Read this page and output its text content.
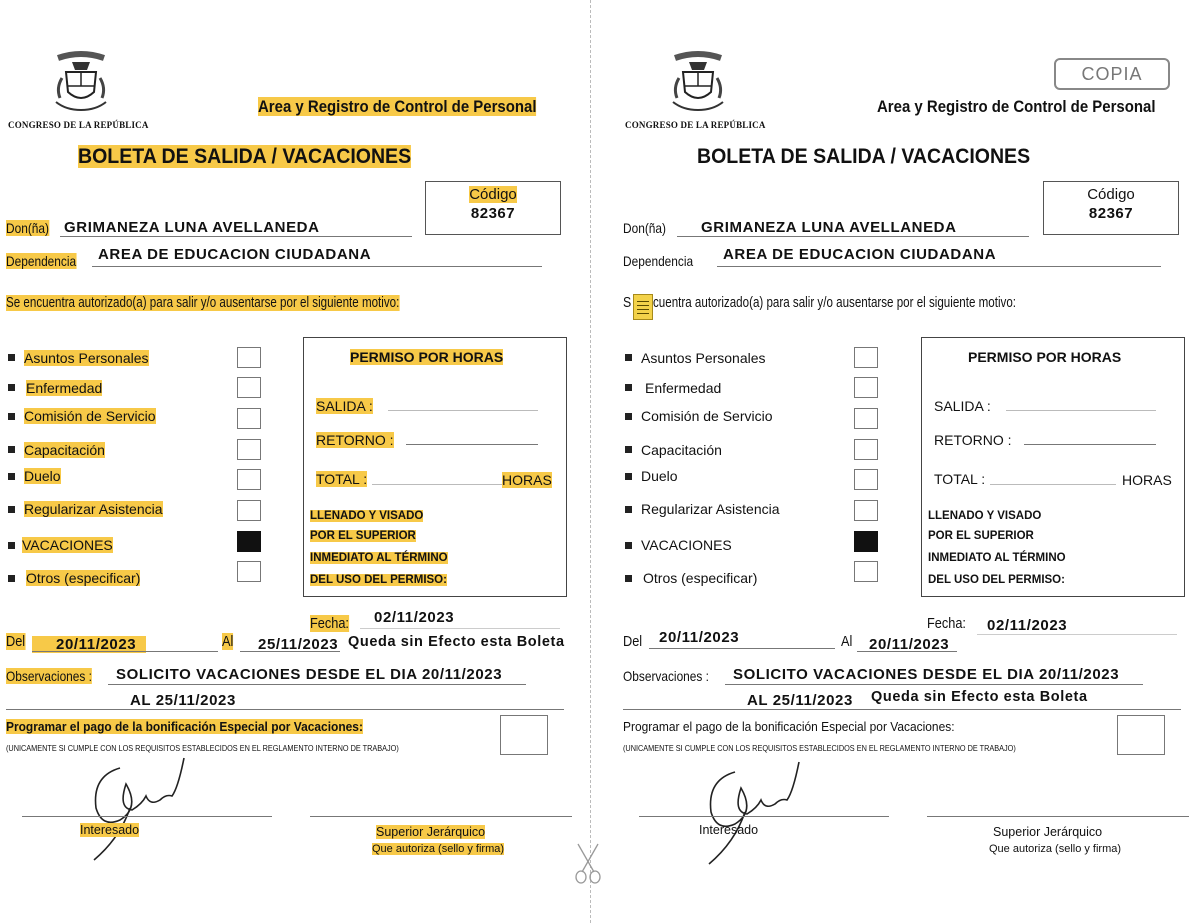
CONGRESO DE LA REPÚBLICA
Area y Registro de Control de Personal
BOLETA DE SALIDA / VACACIONES
Código
82367
Don(ña) GRIMANEZA LUNA AVELLANEDA
Dependencia AREA DE EDUCACION CIUDADANA
Se encuentra autorizado(a) para salir y/o ausentarse por el siguiente motivo:
Asuntos Personales
Enfermedad
Comisión de Servicio
Capacitación
Duelo
Regularizar Asistencia
VACACIONES
Otros (especificar)
PERMISO POR HORAS
SALIDA :
RETORNO :
TOTAL :	HORAS
LLENADO Y VISADO
POR EL SUPERIOR
INMEDIATO AL TÉRMINO
DEL USO DEL PERMISO:
Fecha: 02/11/2023
Del	20/11/2023	Al 25/11/2023 Queda sin Efecto esta Boleta
Observaciones : SOLICITO VACACIONES DESDE EL DIA 20/11/2023
AL 25/11/2023
Programar el pago de la bonificación Especial por Vacaciones:
(UNICAMENTE SI CUMPLE CON LOS REQUISITOS ESTABLECIDOS EN EL REGLAMENTO INTERNO DE TRABAJO)
Interesado	Superior Jerárquico
Que autoriza (sello y firma)
CONGRESO DE LA REPÚBLICA
Area y Registro de Control de Personal
BOLETA DE SALIDA / VACACIONES
Código
82367
Don(ña) GRIMANEZA LUNA AVELLANEDA
Dependencia AREA DE EDUCACION CIUDADANA
S cuentra autorizado(a) para salir y/o ausentarse por el siguiente motivo:
Asuntos Personales
Enfermedad
Comisión de Servicio
Capacitación
Duelo
Regularizar Asistencia
VACACIONES
Otros (especificar)
PERMISO POR HORAS
SALIDA :
RETORNO :
TOTAL :	HORAS
LLENADO Y VISADO
POR EL SUPERIOR
INMEDIATO AL TÉRMINO
DEL USO DEL PERMISO:
Fecha: 02/11/2023
Del 20/11/2023	Al 20/11/2023
Observaciones : SOLICITO VACACIONES DESDE EL DIA 20/11/2023
AL 25/11/2023 Queda sin Efecto esta Boleta
Programar el pago de la bonificación Especial por Vacaciones:
(UNICAMENTE SI CUMPLE CON LOS REQUISITOS ESTABLECIDOS EN EL REGLAMENTO INTERNO DE TRABAJO)
Interesado	Superior Jerárquico
Que autoriza (sello y firma)
COPIA
